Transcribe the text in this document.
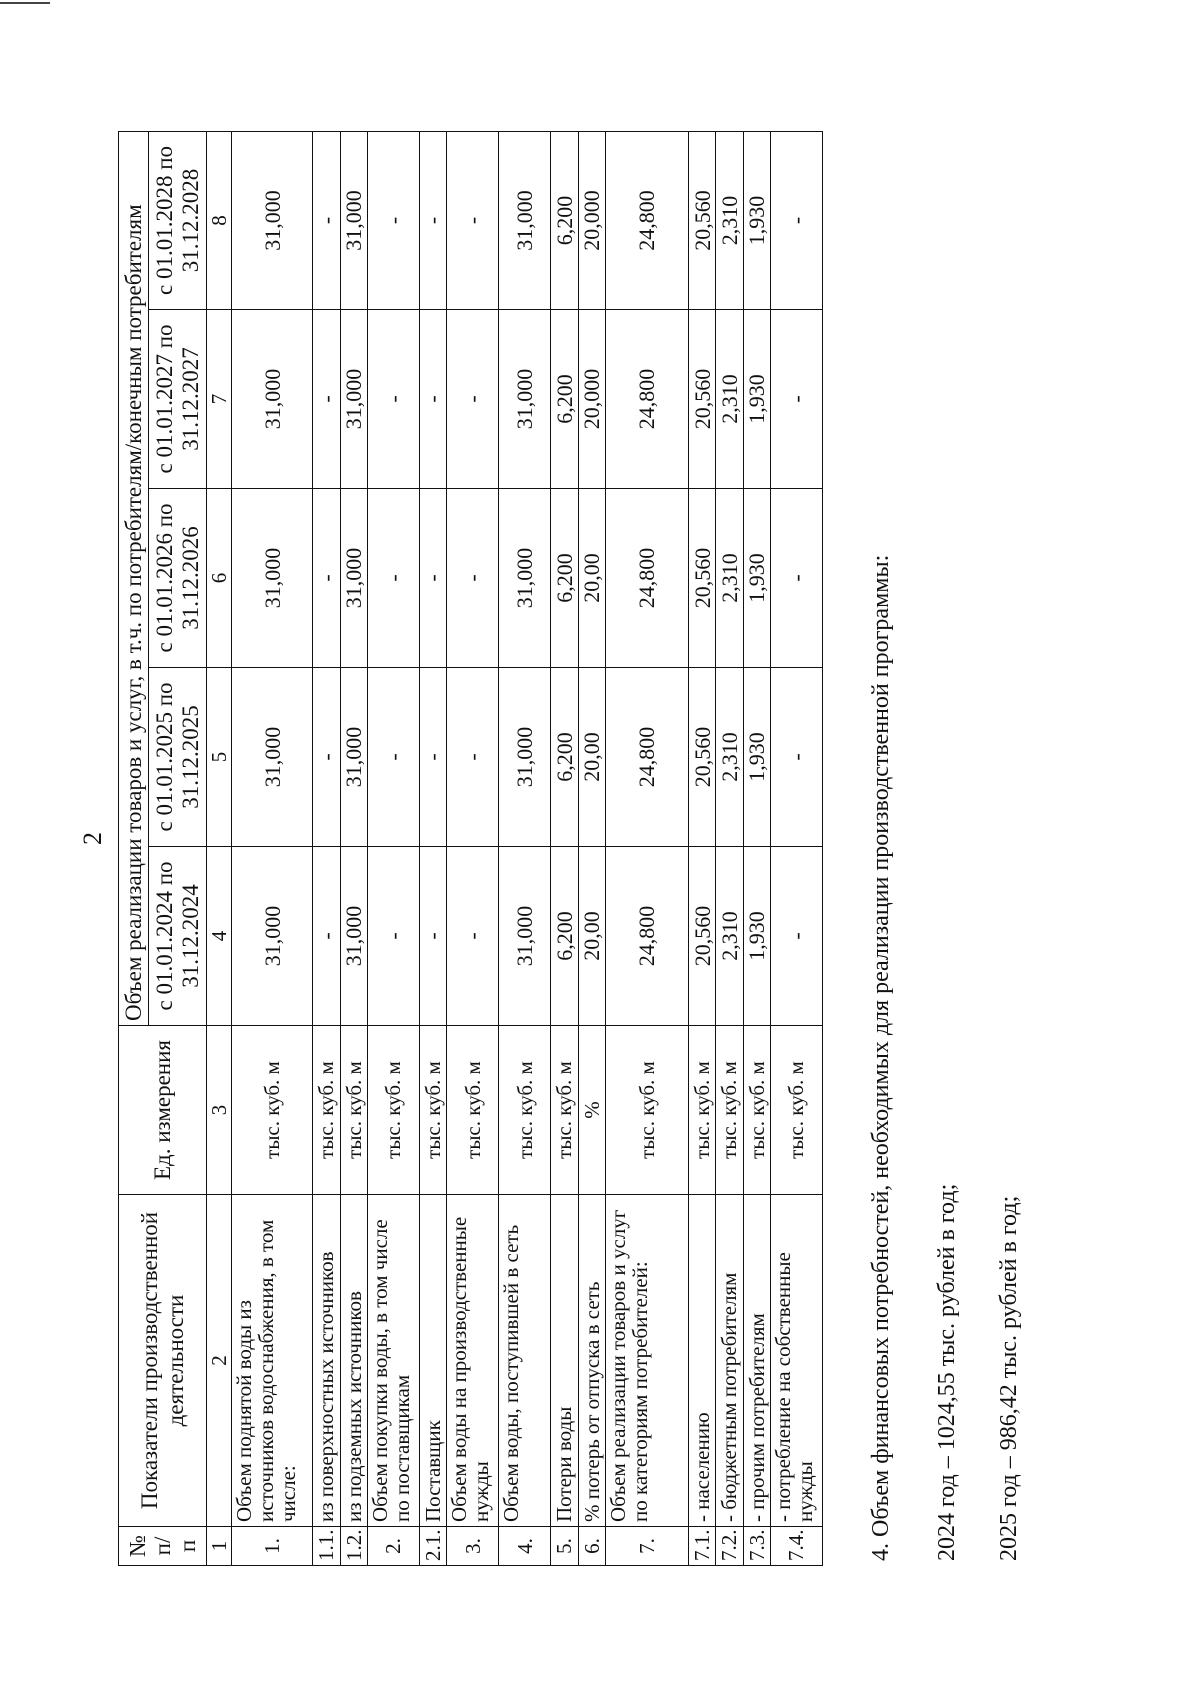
2
№
п/п	Показатели производственной деятельности	Ед. измерения	Объем реализации товаров и услуг, в т.ч. по потребителям/конечным потребителям				
			с 01.01.2024 по 31.12.2024	с 01.01.2025 по 31.12.2025	с 01.01.2026 по 31.12.2026	с 01.01.2027 по 31.12.2027	с 01.01.2028 по 31.12.2028
1	2	3	4	5	6	7	8
1.	Объем поднятой воды из источников водоснабжения, в том числе:	тыс. куб. м	31,000	31,000	31,000	31,000	31,000
1.1.	из поверхностных источников	тыс. куб. м	-	-	-	-	-
1.2.	из подземных источников	тыс. куб. м	31,000	31,000	31,000	31,000	31,000
2.	Объем покупки воды, в том числе по поставщикам	тыс. куб. м	-	-	-	-	-
2.1.	Поставщик	тыс. куб. м	-	-	-	-	-
3.	Объем воды на производственные нужды	тыс. куб. м	-	-	-	-	-
4.	Объем воды, поступившей в сеть	тыс. куб. м	31,000	31,000	31,000	31,000	31,000
5.	Потери воды	тыс. куб. м	6,200	6,200	6,200	6,200	6,200
6.	% потерь от отпуска в сеть	%	20,00	20,00	20,00	20,000	20,000
7.	Объем реализации товаров и услуг по категориям потребителей:	тыс. куб. м	24,800	24,800	24,800	24,800	24,800
7.1.	- населению	тыс. куб. м	20,560	20,560	20,560	20,560	20,560
7.2.	- бюджетным потребителям	тыс. куб. м	2,310	2,310	2,310	2,310	2,310
7.3.	- прочим потребителям	тыс. куб. м	1,930	1,930	1,930	1,930	1,930
7.4.	- потребление на собственные нужды	тыс. куб. м	-	-	-	-	-
4. Объем финансовых потребностей, необходимых для реализации производственной программы: 2024 год – 1024,55 тыс. рублей в год; 2025 год – 986,42 тыс. рублей в год;
